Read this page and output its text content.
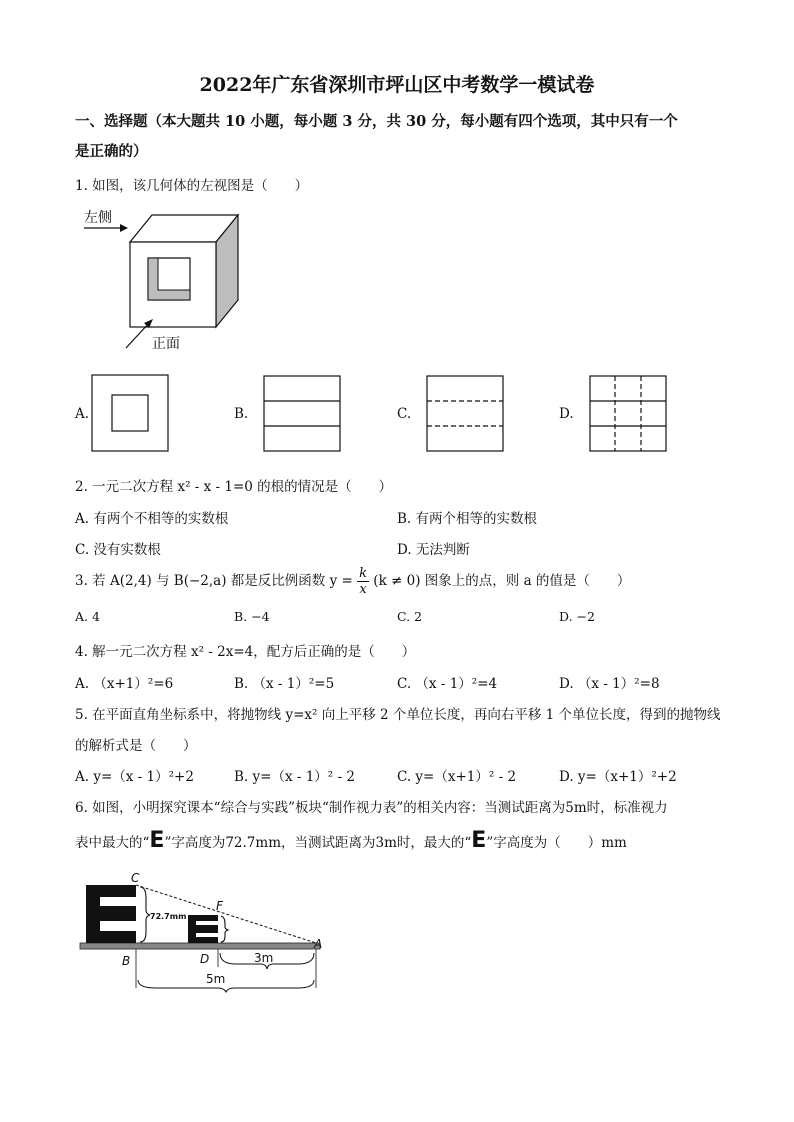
2022年广东省深圳市坪山区中考数学一模试卷
一、选择题（本大题共 10 小题，每小题 3 分，共 30 分，每小题有四个选项，其中只有一个
是正确的）
1. 如图，该几何体的左视图是（　　）
左侧
正面
A.	B.	C.	D.
2. 一元二次方程 x² - x - 1=0 的根的情况是（　　）
A. 有两个不相等的实数根	B. 有两个相等的实数根
C. 没有实数根	D. 无法判断
3. 若 A(2,4) 与 B(−2,a) 都是反比例函数 $y = \frac{k}{x} (k \ne 0)$ 图象上的点，则 a 的值是（　　）
A. 4	B. −4	C. 2	D. −2
4. 解一元二次方程 x² - 2x=4，配方后正确的是（　　）
A. （x+1）²=6	B. （x - 1）²=5	C. （x - 1）²=4	D. （x - 1）²=8
5. 在平面直角坐标系中，将抛物线 y=x² 向上平移 2 个单位长度，再向右平移 1 个单位长度，得到的抛物线
的解析式是（　　）
A. y=（x - 1）²+2	B. y=（x - 1）² - 2	C. y=（x+1）² - 2	D. y=（x+1）²+2
6. 如图，小明探究课本“综合与实践”板块“制作视力表”的相关内容：当测试距离为5m时，标准视力
表中最大的“E”字高度为72.7mm，当测试距离为3m时，最大的“E”字高度为（　　）mm
72.7mm
C
F
A
B	D	3m
5m
